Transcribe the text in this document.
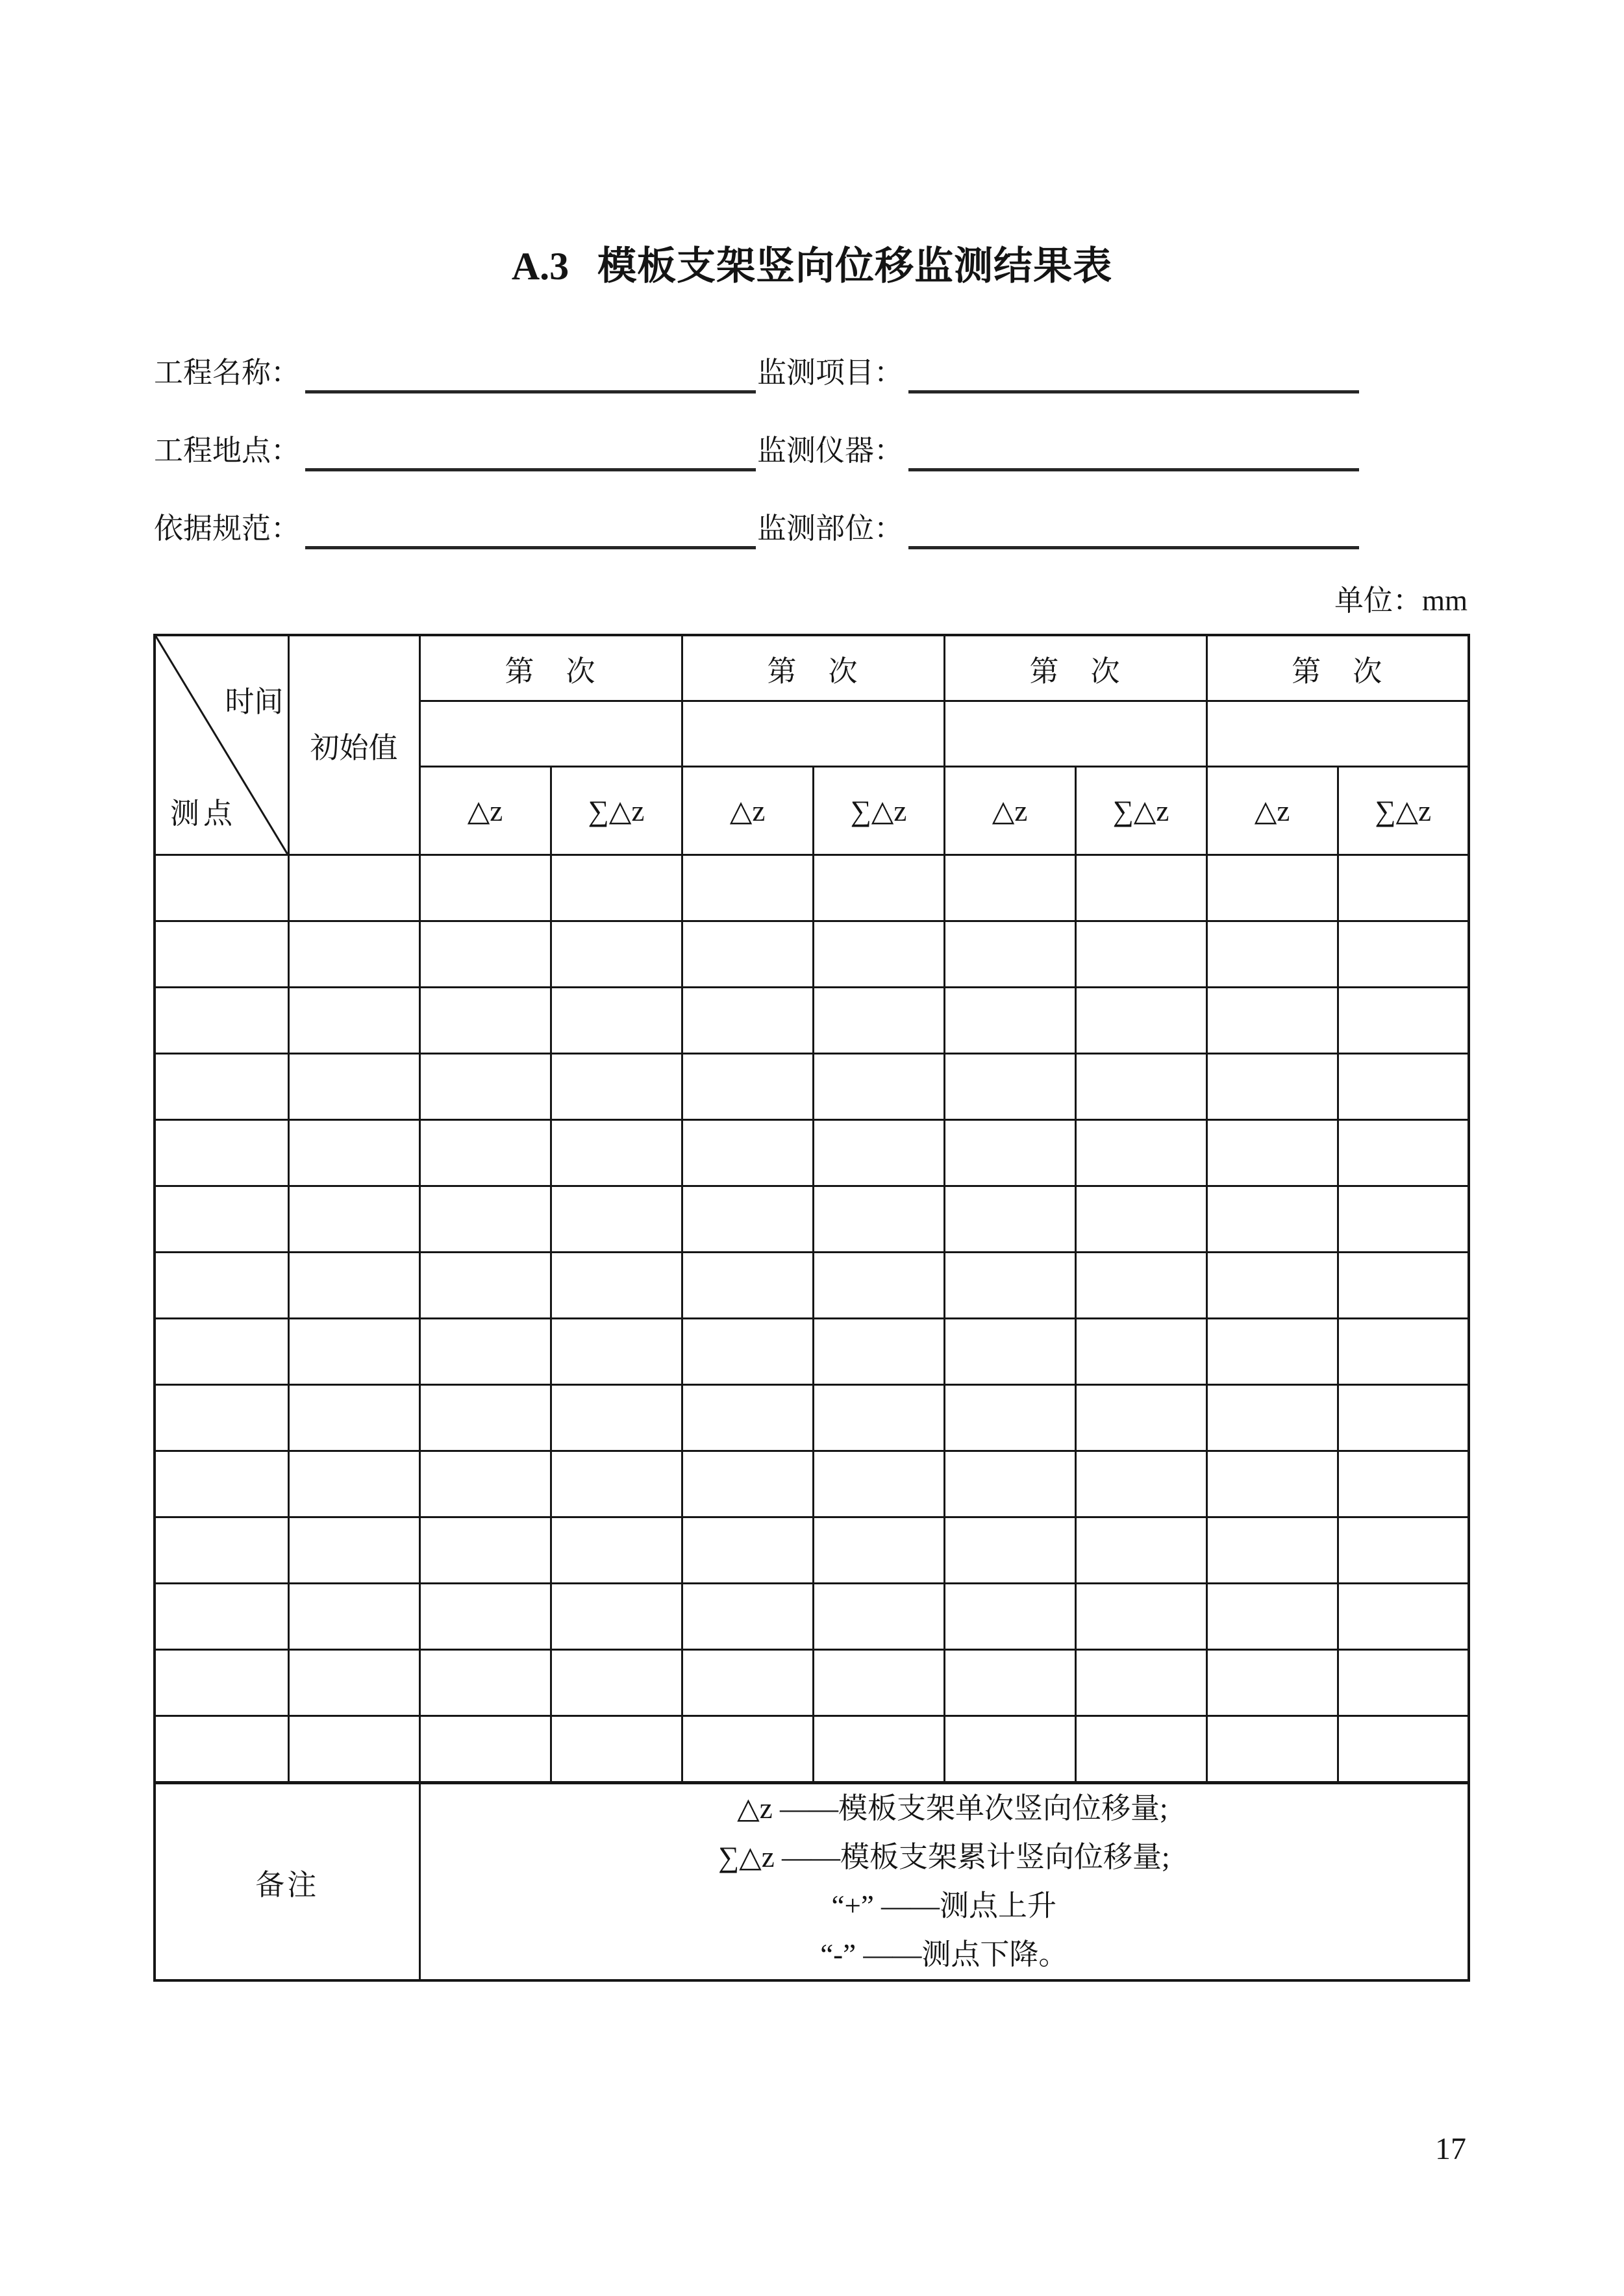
A.3 模板支架竖向位移监测结果表
工程名称：	监测项目：
工程地点：	监测仪器：
依据规范：	监测部位：
单位：mm
时间
测点	初始值	第　次		第　次		第　次		第　次	

		△z	∑△z	△z	∑△z	△z	∑△z	△z	∑△z

备注		△z ——模板支架单次竖向位移量;
∑△z ——模板支架累计竖向位移量;
“+” ——测点上升
“-” ——测点下降。							
17
